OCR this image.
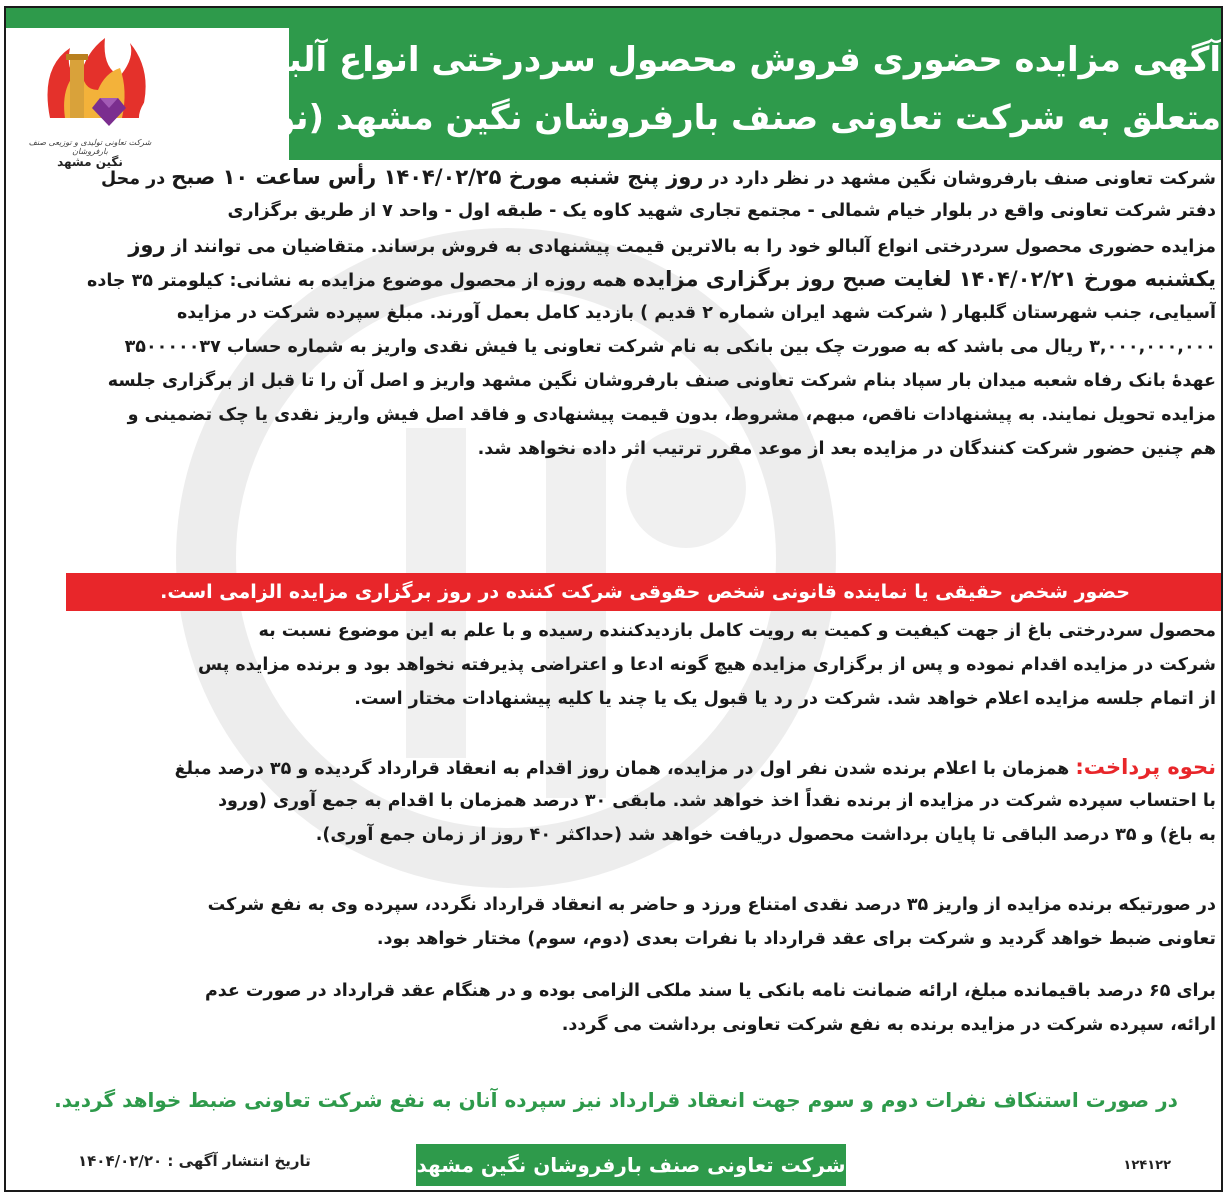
شرکت تعاونی تولیدی و توزیعی صنف بارفروشان
نگین مشهد
آگهی مزایده حضوری فروش محصول سردرختی انواع آلبالو
متعلق به شرکت تعاونی صنف بارفروشان نگین مشهد (نوبت اول)
شرکت تعاونی صنف بارفروشان نگین مشهد در نظر دارد در روز پنج شنبه مورخ ۱۴۰۴/۰۲/۲۵ رأس ساعت ۱۰ صبح در محل
دفتر شرکت تعاونی واقع در بلوار خیام شمالی - مجتمع تجاری شهید کاوه یک - طبقه اول - واحد ۷ از طریق برگزاری
مزایده حضوری محصول سردرختی انواع آلبالو خود را به بالاترین قیمت پیشنهادی به فروش برساند. متقاضیان می توانند از روز
یکشنبه مورخ ۱۴۰۴/۰۲/۲۱ لغایت صبح روز برگزاری مزایده همه روزه از محصول موضوع مزایده به نشانی: کیلومتر ۳۵ جاده
آسیایی، جنب شهرستان گلبهار ( شرکت شهد ایران شماره ۲ قدیم ) بازدید کامل بعمل آورند. مبلغ سپرده شرکت در مزایده
۳,۰۰۰,۰۰۰,۰۰۰ ریال می باشد که به صورت چک بین بانکی به نام شرکت تعاونی یا فیش نقدی واریز به شماره حساب ۳۵۰۰۰۰۰۳۷
عهدهٔ بانک رفاه شعبه میدان بار سپاد بنام شرکت تعاونی صنف بارفروشان نگین مشهد واریز و اصل آن را تا قبل از برگزاری جلسه
مزایده تحویل نمایند. به پیشنهادات ناقص، مبهم، مشروط، بدون قیمت پیشنهادی و فاقد اصل فیش واریز نقدی یا چک تضمینی و
هم چنین حضور شرکت کنندگان در مزایده بعد از موعد مقرر ترتیب اثر داده نخواهد شد.
حضور شخص حقیقی یا نماینده قانونی شخص حقوقی شرکت کننده در روز برگزاری مزایده الزامی است.
محصول سردرختی باغ از جهت کیفیت و کمیت به رویت کامل بازدیدکننده رسیده و با علم به این موضوع نسبت به
شرکت در مزایده اقدام نموده و پس از برگزاری مزایده هیچ گونه ادعا و اعتراضی پذیرفته نخواهد بود و برنده مزایده پس
از اتمام جلسه مزایده اعلام خواهد شد. شرکت در رد یا قبول یک یا چند یا کلیه پیشنهادات مختار است.
نحوه پرداخت: همزمان با اعلام برنده شدن نفر اول در مزایده، همان روز اقدام به انعقاد قرارداد گردیده و ۳۵ درصد مبلغ
با احتساب سپرده شرکت در مزایده از برنده نقداً اخذ خواهد شد. مابقی ۳۰ درصد همزمان با اقدام به جمع آوری (ورود
به باغ) و ۳۵ درصد الباقی تا پایان برداشت محصول دریافت خواهد شد (حداکثر ۴۰ روز از زمان جمع آوری).
در صورتیکه برنده مزایده از واریز ۳۵ درصد نقدی امتناع ورزد و حاضر به انعقاد قرارداد نگردد، سپرده وی به نفع شرکت
تعاونی ضبط خواهد گردید و شرکت برای عقد قرارداد با نفرات بعدی (دوم، سوم) مختار خواهد بود.
برای ۶۵ درصد باقیمانده مبلغ، ارائه ضمانت نامه بانکی یا سند ملکی الزامی بوده و در هنگام عقد قرارداد در صورت عدم
ارائه، سپرده شرکت در مزایده برنده به نفع شرکت تعاونی برداشت می گردد.
در صورت استنکاف نفرات دوم و سوم جهت انعقاد قرارداد نیز سپرده آنان به نفع شرکت تعاونی ضبط خواهد گردید.
تاریخ انتشار آگهی : ۱۴۰۴/۰۲/۲۰	شرکت تعاونی صنف بارفروشان نگین مشهد	۱۲۴۱۲۲
